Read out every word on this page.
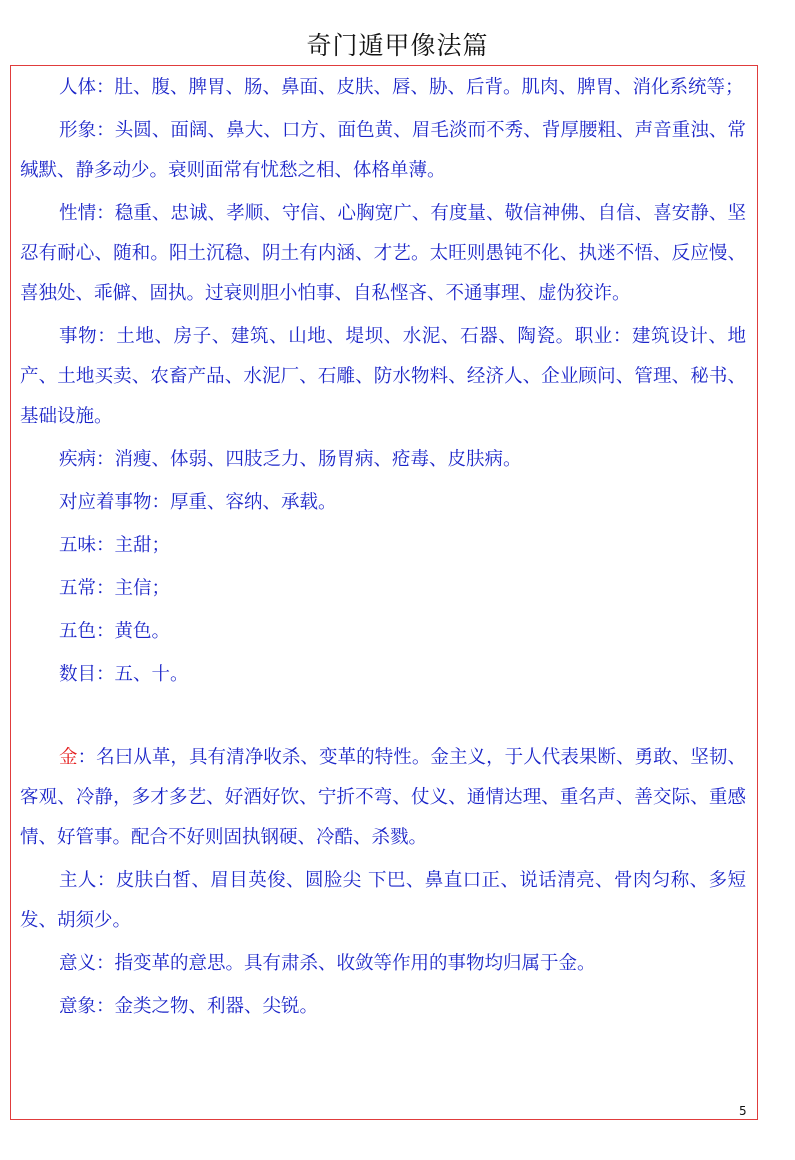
奇门遁甲像法篇

人体：肚、腹、脾胃、肠、鼻面、皮肤、唇、胁、后背。肌肉、脾胃、消化系统等；

形象：头圆、面阔、鼻大、口方、面色黄、眉毛淡而不秀、背厚腰粗、声音重浊、常缄默、静多动少。衰则面常有忧愁之相、体格单薄。

性情：稳重、忠诚、孝顺、守信、心胸宽广、有度量、敬信神佛、自信、喜安静、坚忍有耐心、随和。阳土沉稳、阴土有内涵、才艺。太旺则愚钝不化、执迷不悟、反应慢、喜独处、乖僻、固执。过衰则胆小怕事、自私悭吝、不通事理、虚伪狡诈。

事物：土地、房子、建筑、山地、堤坝、水泥、石器、陶瓷。职业：建筑设计、地产、土地买卖、农畜产品、水泥厂、石雕、防水物料、经济人、企业顾问、管理、秘书、基础设施。

疾病：消瘦、体弱、四肢乏力、肠胃病、疮毒、皮肤病。

对应着事物：厚重、容纳、承载。

五味：主甜；

五常：主信；

五色：黄色。

数目：五、十。

金：名曰从革，具有清净收杀、变革的特性。金主义，于人代表果断、勇敢、坚韧、客观、冷静，多才多艺、好酒好饮、宁折不弯、仗义、通情达理、重名声、善交际、重感情、好管事。配合不好则固执钢硬、冷酷、杀戮。

主人：皮肤白皙、眉目英俊、圆脸尖 下巴、鼻直口正、说话清亮、骨肉匀称、多短发、胡须少。

意义：指变革的意思。具有肃杀、收敛等作用的事物均归属于金。

意象：金类之物、利器、尖锐。

5
